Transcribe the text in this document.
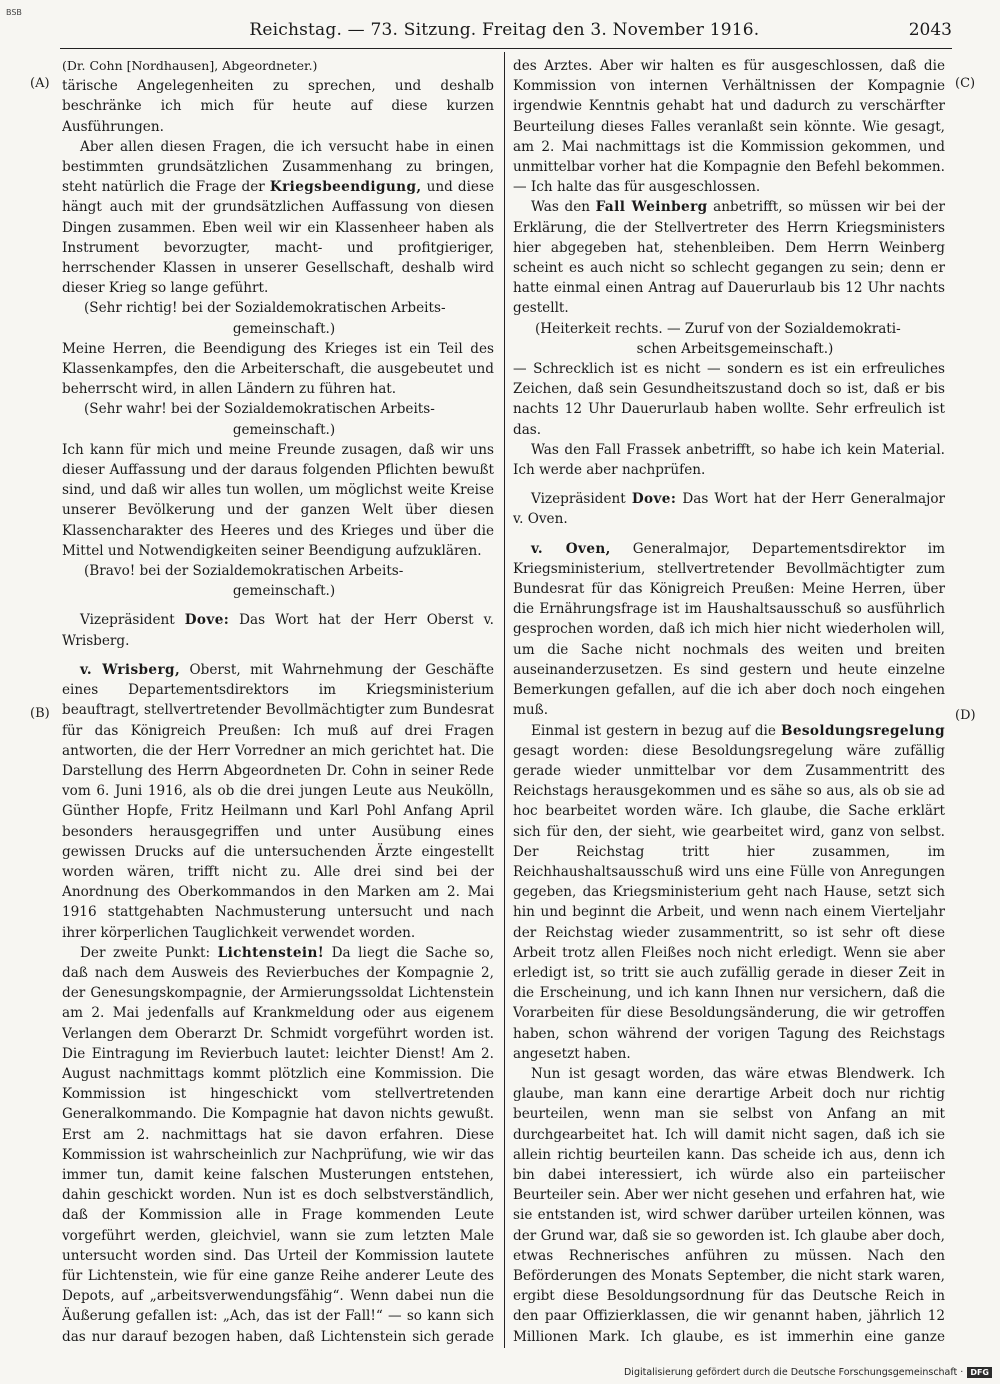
BSB
Reichstag. — 73. Sitzung. Freitag den 3. November 1916.	2043
(A)
(B)
(C)
(D)

(Dr. Cohn [Nordhausen], Abgeordneter.)

tärische Angelegenheiten zu sprechen, und deshalb beschränke ich mich für heute auf diese kurzen Ausführungen.

Aber allen diesen Fragen, die ich versucht habe in einen bestimmten grundsätzlichen Zusammenhang zu bringen, steht natürlich die Frage der Kriegsbeendigung, und diese hängt auch mit der grundsätzlichen Auffassung von diesen Dingen zusammen. Eben weil wir ein Klassenheer haben als Instrument bevorzugter, macht- und profitgieriger, herrschender Klassen in unserer Gesellschaft, deshalb wird dieser Krieg so lange geführt.

(Sehr richtig! bei der Sozialdemokratischen Arbeits-
gemeinschaft.)

Meine Herren, die Beendigung des Krieges ist ein Teil des Klassenkampfes, den die Arbeiterschaft, die ausgebeutet und beherrscht wird, in allen Ländern zu führen hat.

(Sehr wahr! bei der Sozialdemokratischen Arbeits-
gemeinschaft.)

Ich kann für mich und meine Freunde zusagen, daß wir uns dieser Auffassung und der daraus folgenden Pflichten bewußt sind, und daß wir alles tun wollen, um möglichst weite Kreise unserer Bevölkerung und der ganzen Welt über diesen Klassencharakter des Heeres und des Krieges und über die Mittel und Notwendigkeiten seiner Beendigung aufzuklären.

(Bravo! bei der Sozialdemokratischen Arbeits-
gemeinschaft.)

Vizepräsident Dove: Das Wort hat der Herr Oberst v. Wrisberg.

v. Wrisberg, Oberst, mit Wahrnehmung der Geschäfte eines Departementsdirektors im Kriegsministerium beauftragt, stellvertretender Bevollmächtigter zum Bundesrat für das Königreich Preußen: Ich muß auf drei Fragen antworten, die der Herr Vorredner an mich gerichtet hat. Die Darstellung des Herrn Abgeordneten Dr. Cohn in seiner Rede vom 6. Juni 1916, als ob die drei jungen Leute aus Neukölln, Günther Hopfe, Fritz Heilmann und Karl Pohl Anfang April besonders herausgegriffen und unter Ausübung eines gewissen Drucks auf die untersuchenden Ärzte eingestellt worden wären, trifft nicht zu. Alle drei sind bei der Anordnung des Oberkommandos in den Marken am 2. Mai 1916 stattgehabten Nachmusterung untersucht und nach ihrer körperlichen Tauglichkeit verwendet worden.

Der zweite Punkt: Lichtenstein! Da liegt die Sache so, daß nach dem Ausweis des Revierbuches der Kompagnie 2, der Genesungskompagnie, der Armierungssoldat Lichtenstein am 2. Mai jedenfalls auf Krankmeldung oder aus eigenem Verlangen dem Oberarzt Dr. Schmidt vorgeführt worden ist. Die Eintragung im Revierbuch lautet: leichter Dienst! Am 2. August nachmittags kommt plötzlich eine Kommission. Die Kommission ist hingeschickt vom stellvertretenden Generalkommando. Die Kompagnie hat davon nichts gewußt. Erst am 2. nachmittags hat sie davon erfahren. Diese Kommission ist wahrscheinlich zur Nachprüfung, wie wir das immer tun, damit keine falschen Musterungen entstehen, dahin geschickt worden. Nun ist es doch selbstverständlich, daß der Kommission alle in Frage kommenden Leute vorgeführt werden, gleichviel, wann sie zum letzten Male untersucht worden sind. Das Urteil der Kommission lautete für Lichtenstein, wie für eine ganze Reihe anderer Leute des Depots, auf „arbeitsverwendungsfähig“. Wenn dabei nun die Äußerung gefallen ist: „Ach, das ist der Fall!“ — so kann sich das nur darauf bezogen haben, daß Lichtenstein sich gerade

des Arztes. Aber wir halten es für ausgeschlossen, daß die Kommission von internen Verhältnissen der Kompagnie irgendwie Kenntnis gehabt hat und dadurch zu verschärfter Beurteilung dieses Falles veranlaßt sein könnte. Wie gesagt, am 2. Mai nachmittags ist die Kommission gekommen, und unmittelbar vorher hat die Kompagnie den Befehl bekommen. — Ich halte das für ausgeschlossen.

Was den Fall Weinberg anbetrifft, so müssen wir bei der Erklärung, die der Stellvertreter des Herrn Kriegsministers hier abgegeben hat, stehenbleiben. Dem Herrn Weinberg scheint es auch nicht so schlecht gegangen zu sein; denn er hatte einmal einen Antrag auf Dauerurlaub bis 12 Uhr nachts gestellt.

(Heiterkeit rechts. — Zuruf von der Sozialdemokrati-
schen Arbeitsgemeinschaft.)

— Schrecklich ist es nicht — sondern es ist ein erfreuliches Zeichen, daß sein Gesundheitszustand doch so ist, daß er bis nachts 12 Uhr Dauerurlaub haben wollte. Sehr erfreulich ist das.

Was den Fall Frassek anbetrifft, so habe ich kein Material. Ich werde aber nachprüfen.

Vizepräsident Dove: Das Wort hat der Herr Generalmajor v. Oven.

v. Oven, Generalmajor, Departementsdirektor im Kriegsministerium, stellvertretender Bevollmächtigter zum Bundesrat für das Königreich Preußen: Meine Herren, über die Ernährungsfrage ist im Haushaltsausschuß so ausführlich gesprochen worden, daß ich mich hier nicht wiederholen will, um die Sache nicht nochmals des weiten und breiten auseinanderzusetzen. Es sind gestern und heute einzelne Bemerkungen gefallen, auf die ich aber doch noch eingehen muß.

Einmal ist gestern in bezug auf die Besoldungsregelung gesagt worden: diese Besoldungsregelung wäre zufällig gerade wieder unmittelbar vor dem Zusammentritt des Reichstags herausgekommen und es sähe so aus, als ob sie ad hoc bearbeitet worden wäre. Ich glaube, die Sache erklärt sich für den, der sieht, wie gearbeitet wird, ganz von selbst. Der Reichstag tritt hier zusammen, im Reichhaushaltsausschuß wird uns eine Fülle von Anregungen gegeben, das Kriegsministerium geht nach Hause, setzt sich hin und beginnt die Arbeit, und wenn nach einem Vierteljahr der Reichstag wieder zusammentritt, so ist sehr oft diese Arbeit trotz allen Fleißes noch nicht erledigt. Wenn sie aber erledigt ist, so tritt sie auch zufällig gerade in dieser Zeit in die Erscheinung, und ich kann Ihnen nur versichern, daß die Vorarbeiten für diese Besoldungsänderung, die wir getroffen haben, schon während der vorigen Tagung des Reichstags angesetzt haben.

Nun ist gesagt worden, das wäre etwas Blendwerk. Ich glaube, man kann eine derartige Arbeit doch nur richtig beurteilen, wenn man sie selbst von Anfang an mit durchgearbeitet hat. Ich will damit nicht sagen, daß ich sie allein richtig beurteilen kann. Das scheide ich aus, denn ich bin dabei interessiert, ich würde also ein parteiischer Beurteiler sein. Aber wer nicht gesehen und erfahren hat, wie sie entstanden ist, wird schwer darüber urteilen können, was der Grund war, daß sie so geworden ist. Ich glaube aber doch, etwas Rechnerisches anführen zu müssen. Nach den Beförderungen des Monats September, die nicht stark waren, ergibt diese Besoldungsordnung für das Deutsche Reich in den paar Offizierklassen, die wir genannt haben, jährlich 12 Millionen Mark. Ich glaube, es ist immerhin eine ganze

Digitalisierung gefördert durch die Deutsche Forschungsgemeinschaft · DFG
